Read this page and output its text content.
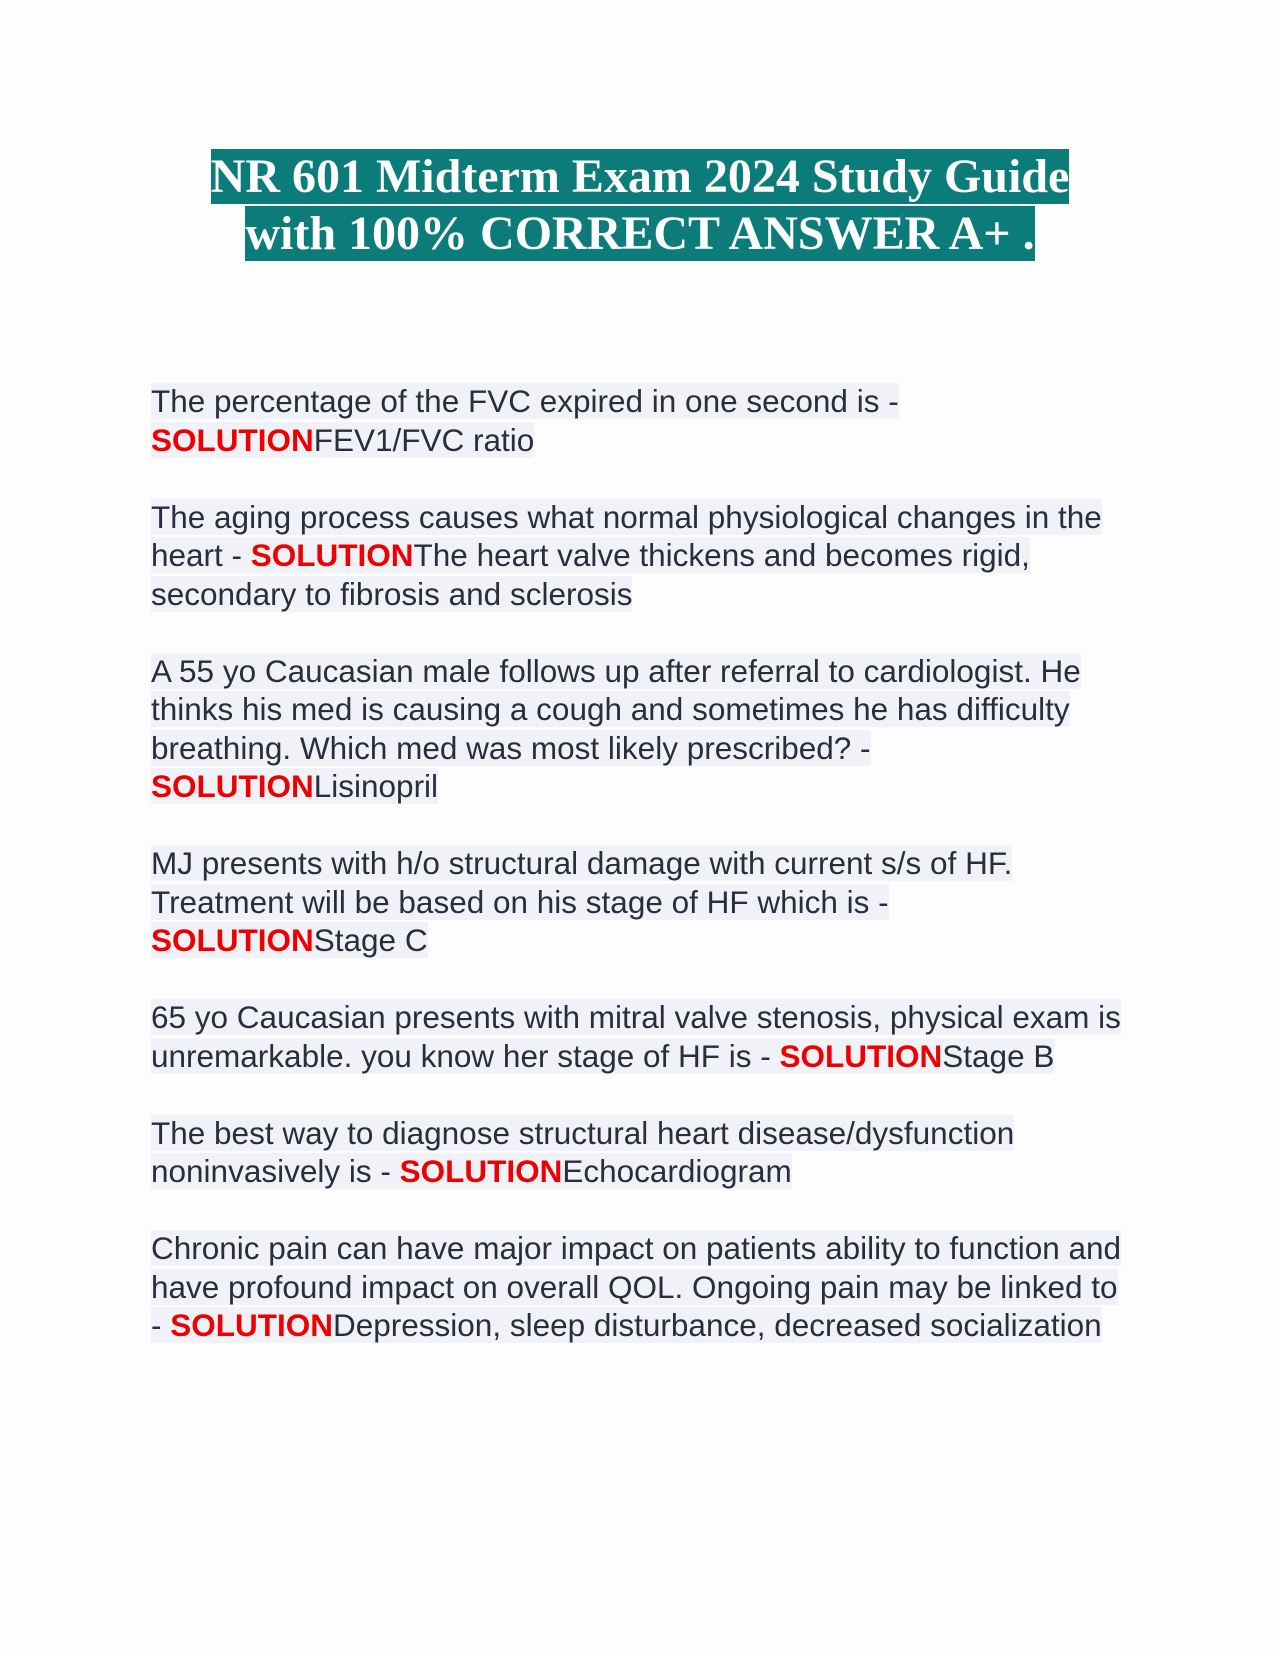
NR 601 Midterm Exam 2024 Study Guide
with 100% CORRECT ANSWER A+ .

The percentage of the FVC expired in one second is - SOLUTIONFEV1/FVC ratio

The aging process causes what normal physiological changes in the heart - SOLUTIONThe heart valve thickens and becomes rigid, secondary to fibrosis and sclerosis

A 55 yo Caucasian male follows up after referral to cardiologist. He thinks his med is causing a cough and sometimes he has difficulty breathing. Which med was most likely prescribed? - SOLUTIONLisinopril

MJ presents with h/o structural damage with current s/s of HF. Treatment will be based on his stage of HF which is - SOLUTIONStage C

65 yo Caucasian presents with mitral valve stenosis, physical exam is unremarkable. you know her stage of HF is - SOLUTIONStage B

The best way to diagnose structural heart disease/dysfunction noninvasively is - SOLUTIONEchocardiogram

Chronic pain can have major impact on patients ability to function and have profound impact on overall QOL. Ongoing pain may be linked to - SOLUTIONDepression, sleep disturbance, decreased socialization
